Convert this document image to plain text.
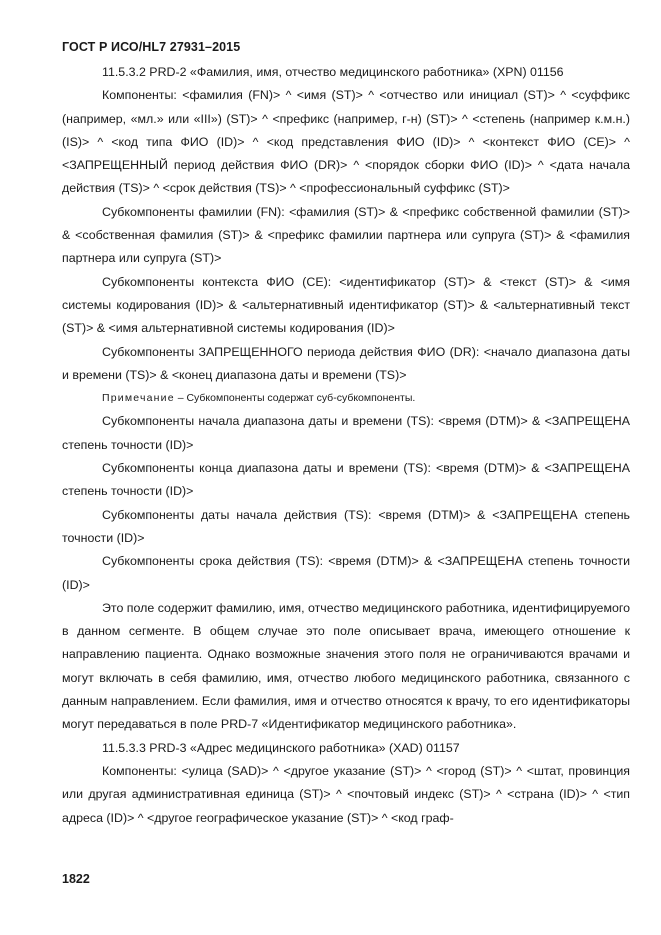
ГОСТ Р ИСО/HL7 27931–2015

11.5.3.2 PRD-2 «Фамилия, имя, отчество медицинского работника» (XPN) 01156

Компоненты: <фамилия (FN)> ^ <имя (ST)> ^ <отчество или инициал (ST)> ^ <суффикс (например, «мл.» или «III») (ST)> ^ <префикс (например, г-н) (ST)> ^ <степень (например к.м.н.) (IS)> ^ <код типа ФИО (ID)> ^ <код представления ФИО (ID)> ^ <контекст ФИО (CE)> ^ <ЗАПРЕЩЕННЫЙ период действия ФИО (DR)> ^ <порядок сборки ФИО (ID)> ^ <дата начала действия (TS)> ^ <срок действия (TS)> ^ <профессиональный суффикс (ST)>

Субкомпоненты фамилии (FN): <фамилия (ST)> & <префикс собственной фамилии (ST)> & <собственная фамилия (ST)> & <префикс фамилии партнера или супруга (ST)> & <фамилия партнера или супруга (ST)>

Субкомпоненты контекста ФИО (CE): <идентификатор (ST)> & <текст (ST)> & <имя системы кодирования (ID)> & <альтернативный идентификатор (ST)> & <альтернативный текст (ST)> & <имя альтернативной системы кодирования (ID)>

Субкомпоненты ЗАПРЕЩЕННОГО периода действия ФИО (DR): <начало диапазона даты и времени (TS)> & <конец диапазона даты и времени (TS)>

Примечание – Субкомпоненты содержат суб-субкомпоненты.

Субкомпоненты начала диапазона даты и времени (TS): <время (DTM)> & <ЗАПРЕЩЕНА степень точности (ID)>

Субкомпоненты конца диапазона даты и времени (TS): <время (DTM)> & <ЗАПРЕЩЕНА степень точности (ID)>

Субкомпоненты даты начала действия (TS): <время (DTM)> & <ЗАПРЕЩЕНА степень точности (ID)>

Субкомпоненты срока действия (TS): <время (DTM)> & <ЗАПРЕЩЕНА степень точности (ID)>

Это поле содержит фамилию, имя, отчество медицинского работника, идентифицируемого в данном сегменте. В общем случае это поле описывает врача, имеющего отношение к направлению пациента. Однако возможные значения этого поля не ограничиваются врачами и могут включать в себя фамилию, имя, отчество любого медицинского работника, связанного с данным направлением. Если фамилия, имя и отчество относятся к врачу, то его идентификаторы могут передаваться в поле PRD-7 «Идентификатор медицинского работника».

11.5.3.3 PRD-3 «Адрес медицинского работника» (XAD) 01157

Компоненты: <улица (SAD)> ^ <другое указание (ST)> ^ <город (ST)> ^ <штат, провинция или другая административная единица (ST)> ^ <почтовый индекс (ST)> ^ <страна (ID)> ^ <тип адреса (ID)> ^ <другое географическое указание (ST)> ^ <код граф-

1822
